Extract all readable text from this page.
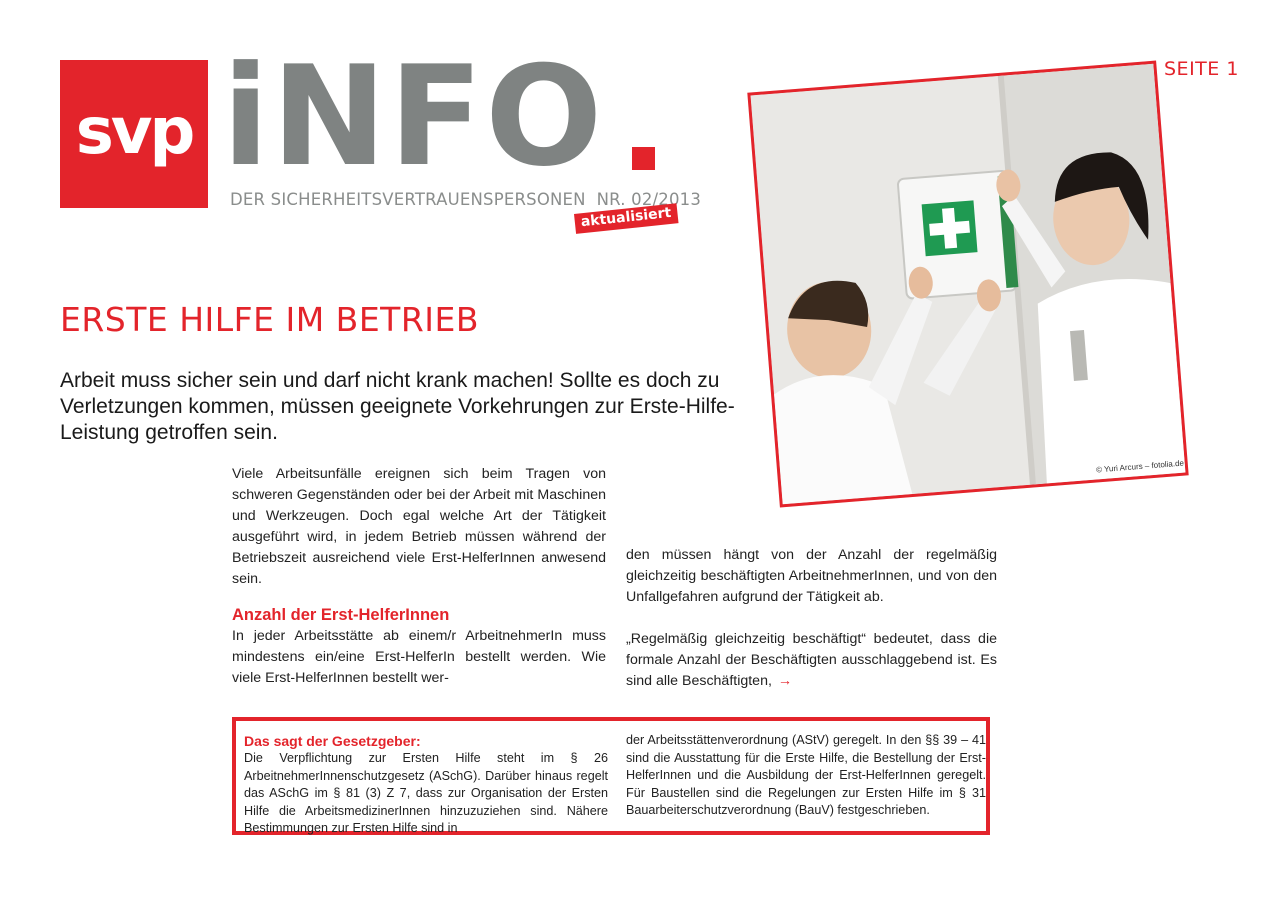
svp iNFO
DER SICHERHEITSVERTRAUENSPERSONEN  NR. 02/2013
aktualisiert
SEITE 1
© Yuri Arcurs – fotolia.de
ERSTE HILFE IM BETRIEB
Arbeit muss sicher sein und darf nicht krank machen! Sollte es doch zu Verletzungen kommen, müssen geeignete Vorkehrungen zur Erste-Hilfe-Leistung getroffen sein.

Viele Arbeitsunfälle ereignen sich beim Tragen von schweren Gegenständen oder bei der Arbeit mit Maschinen und Werkzeugen. Doch egal welche Art der Tätigkeit ausgeführt wird, in jedem Betrieb müssen während der Betriebszeit ausreichend viele Erst-HelferInnen anwesend sein.

Anzahl der Erst-HelferInnen

In jeder Arbeitsstätte ab einem/r ArbeitnehmerIn muss mindestens ein/eine Erst-HelferIn bestellt werden. Wie viele Erst-HelferInnen bestellt wer-

den müssen hängt von der Anzahl der regelmäßig gleichzeitig beschäftigten ArbeitnehmerInnen, und von den Unfallgefahren aufgrund der Tätigkeit ab.

„Regelmäßig gleichzeitig beschäftigt“ bedeutet, dass die formale Anzahl der Beschäftigten ausschlaggebend ist. Es sind alle Beschäftigten, →

Das sagt der Gesetzgeber:
Die Verpflichtung zur Ersten Hilfe steht im § 26 ArbeitnehmerInnenschutzgesetz (ASchG). Darüber hinaus regelt das ASchG im § 81 (3) Z 7, dass zur Organisation der Ersten Hilfe die ArbeitsmedizinerInnen hinzuzuziehen sind. Nähere Bestimmungen zur Ersten Hilfe sind in
der Arbeitsstättenverordnung (AStV) geregelt. In den §§ 39 – 41 sind die Ausstattung für die Erste Hilfe, die Bestellung der Erst-HelferInnen und die Ausbildung der Erst-HelferInnen geregelt. Für Baustellen sind die Regelungen zur Ersten Hilfe im § 31 Bauarbeiterschutzverordnung (BauV) festgeschrieben.
